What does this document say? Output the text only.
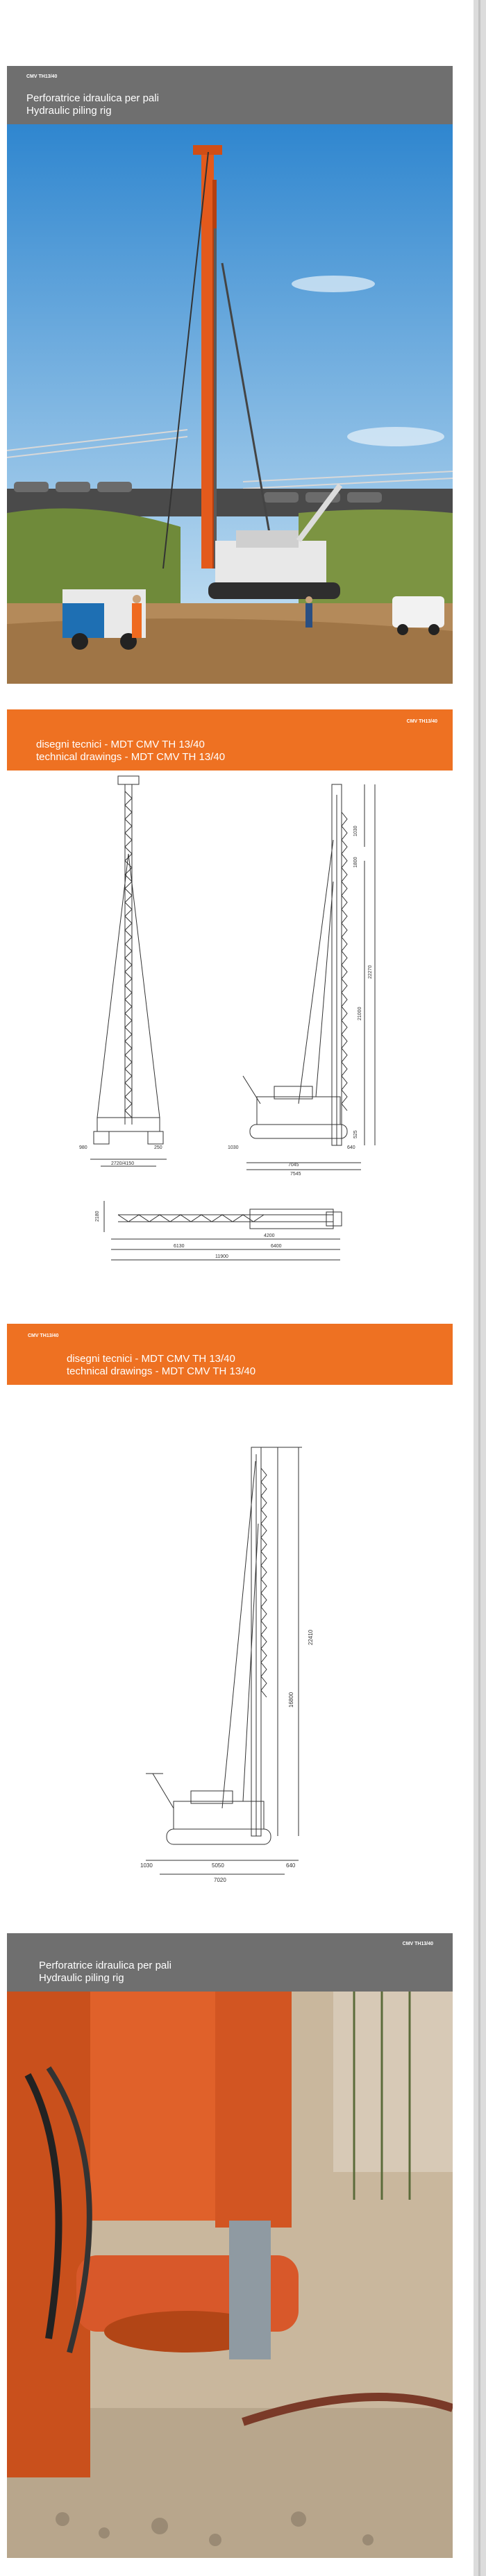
CMV TH13/40
Perforatrice idraulica per pali
Hydraulic piling rig
CMV TH13/40
disegni tecnici - MDT CMV TH 13/40
technical drawings - MDT CMV TH 13/40
980
2720/4150
250
1030
1800
21000
22270
7045
640
525
7545
1030
4200
6400
6130
11900
2180
CMV TH13/40
disegni tecnici - MDT CMV TH 13/40
technical drawings - MDT CMV TH 13/40
22410
16800
1030	5050	640
7020
CMV TH13/40
Perforatrice idraulica per pali
Hydraulic piling rig
